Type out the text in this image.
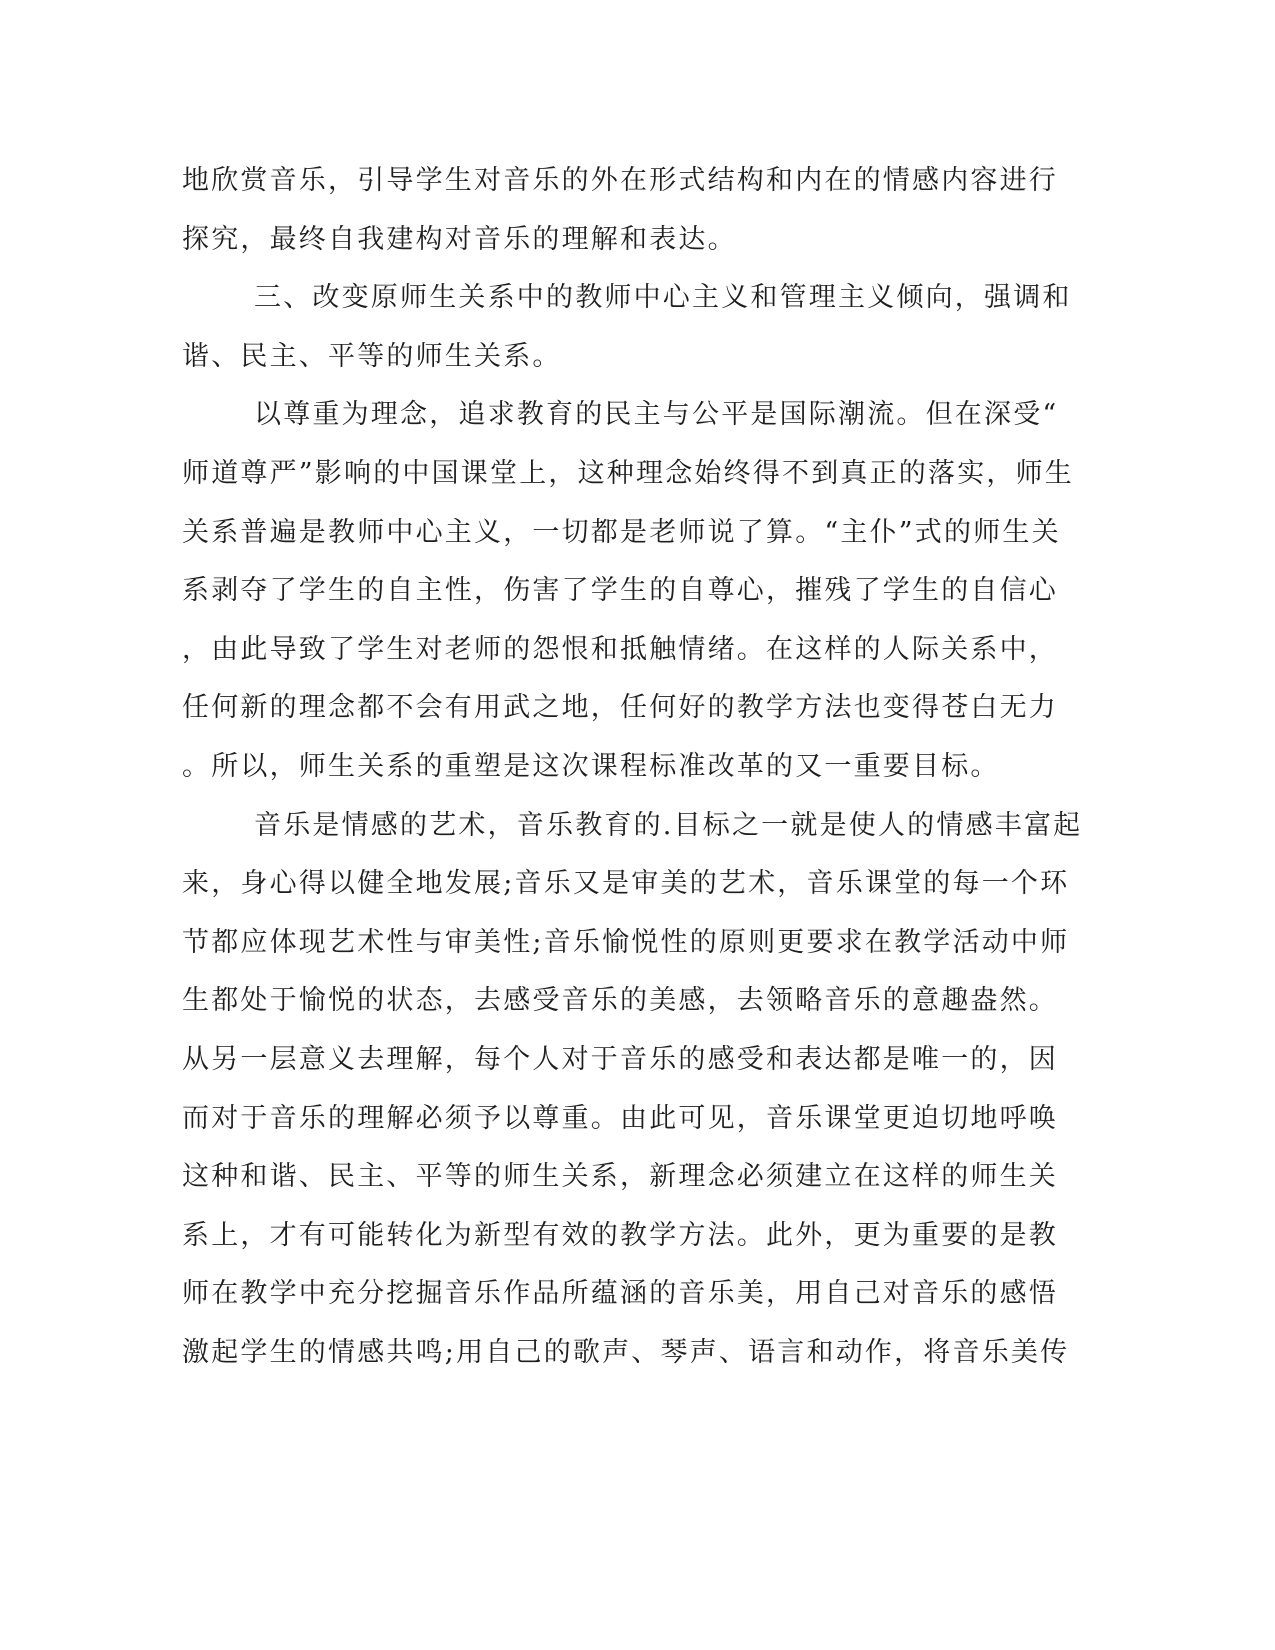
地欣赏音乐，引导学生对音乐的外在形式结构和内在的情感内容进行
探究，最终自我建构对音乐的理解和表达。
三、改变原师生关系中的教师中心主义和管理主义倾向，强调和
谐、民主、平等的师生关系。
以尊重为理念，追求教育的民主与公平是国际潮流。但在深受“
师道尊严”影响的中国课堂上，这种理念始终得不到真正的落实，师生
关系普遍是教师中心主义，一切都是老师说了算。“主仆”式的师生关
系剥夺了学生的自主性，伤害了学生的自尊心，摧残了学生的自信心
，由此导致了学生对老师的怨恨和抵触情绪。在这样的人际关系中，
任何新的理念都不会有用武之地，任何好的教学方法也变得苍白无力
。所以，师生关系的重塑是这次课程标准改革的又一重要目标。
音乐是情感的艺术，音乐教育的.目标之一就是使人的情感丰富起
来，身心得以健全地发展;音乐又是审美的艺术，音乐课堂的每一个环
节都应体现艺术性与审美性;音乐愉悦性的原则更要求在教学活动中师
生都处于愉悦的状态，去感受音乐的美感，去领略音乐的意趣盎然。
从另一层意义去理解，每个人对于音乐的感受和表达都是唯一的，因
而对于音乐的理解必须予以尊重。由此可见，音乐课堂更迫切地呼唤
这种和谐、民主、平等的师生关系，新理念必须建立在这样的师生关
系上，才有可能转化为新型有效的教学方法。此外，更为重要的是教
师在教学中充分挖掘音乐作品所蕴涵的音乐美，用自己对音乐的感悟
激起学生的情感共鸣;用自己的歌声、琴声、语言和动作，将音乐美传
